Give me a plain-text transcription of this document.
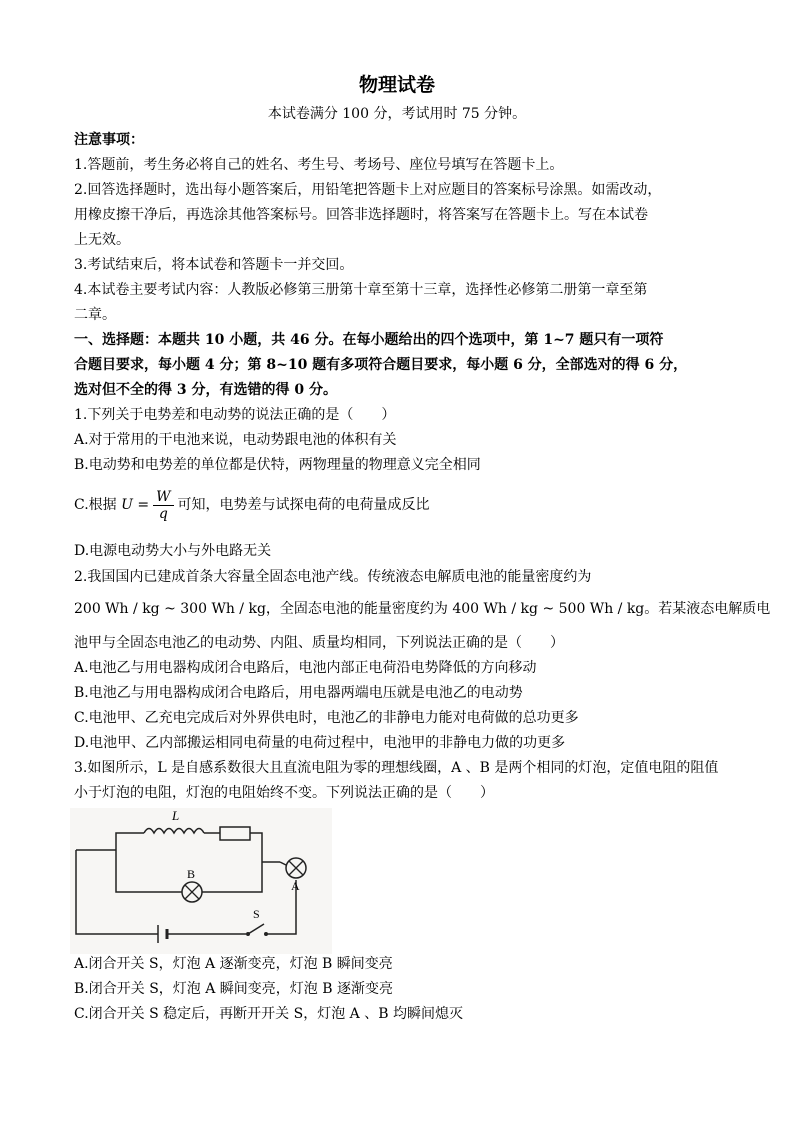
物理试卷
本试卷满分 100 分，考试用时 75 分钟。
注意事项：
1.答题前，考生务必将自己的姓名、考生号、考场号、座位号填写在答题卡上。
2.回答选择题时，选出每小题答案后，用铅笔把答题卡上对应题目的答案标号涂黑。如需改动，
用橡皮擦干净后，再选涂其他答案标号。回答非选择题时，将答案写在答题卡上。写在本试卷
上无效。
3.考试结束后，将本试卷和答题卡一并交回。
4.本试卷主要考试内容：人教版必修第三册第十章至第十三章，选择性必修第二册第一章至第
二章。
一、选择题：本题共 10 小题，共 46 分。在每小题给出的四个选项中，第 1~7 题只有一项符
合题目要求，每小题 4 分；第 8~10 题有多项符合题目要求，每小题 6 分，全部选对的得 6 分，
选对但不全的得 3 分，有选错的得 0 分。
1.下列关于电势差和电动势的说法正确的是（　　）
A.对于常用的干电池来说，电动势跟电池的体积有关
B.电动势和电势差的单位都是伏特，两物理量的物理意义完全相同
C.根据 $U = \frac{W}{q}$ 可知，电势差与试探电荷的电荷量成反比
D.电源电动势大小与外电路无关
2.我国国内已建成首条大容量全固态电池产线。传统液态电解质电池的能量密度约为
200 Wh / kg ~ 300 Wh / kg，全固态电池的能量密度约为 400 Wh / kg ~ 500 Wh / kg。若某液态电解质电
池甲与全固态电池乙的电动势、内阻、质量均相同，下列说法正确的是（　　）
A.电池乙与用电器构成闭合电路后，电池内部正电荷沿电势降低的方向移动
B.电池乙与用电器构成闭合电路后，用电器两端电压就是电池乙的电动势
C.电池甲、乙充电完成后对外界供电时，电池乙的非静电力能对电荷做的总功更多
D.电池甲、乙内部搬运相同电荷量的电荷过程中，电池甲的非静电力做的功更多
3.如图所示，L 是自感系数很大且直流电阻为零的理想线圈，A 、B 是两个相同的灯泡，定值电阻的阻值
小于灯泡的电阻，灯泡的电阻始终不变。下列说法正确的是（　　）
L
B
A
S
A.闭合开关 S，灯泡 A 逐渐变亮，灯泡 B 瞬间变亮
B.闭合开关 S，灯泡 A 瞬间变亮，灯泡 B 逐渐变亮
C.闭合开关 S 稳定后，再断开开关 S，灯泡 A 、B 均瞬间熄灭
